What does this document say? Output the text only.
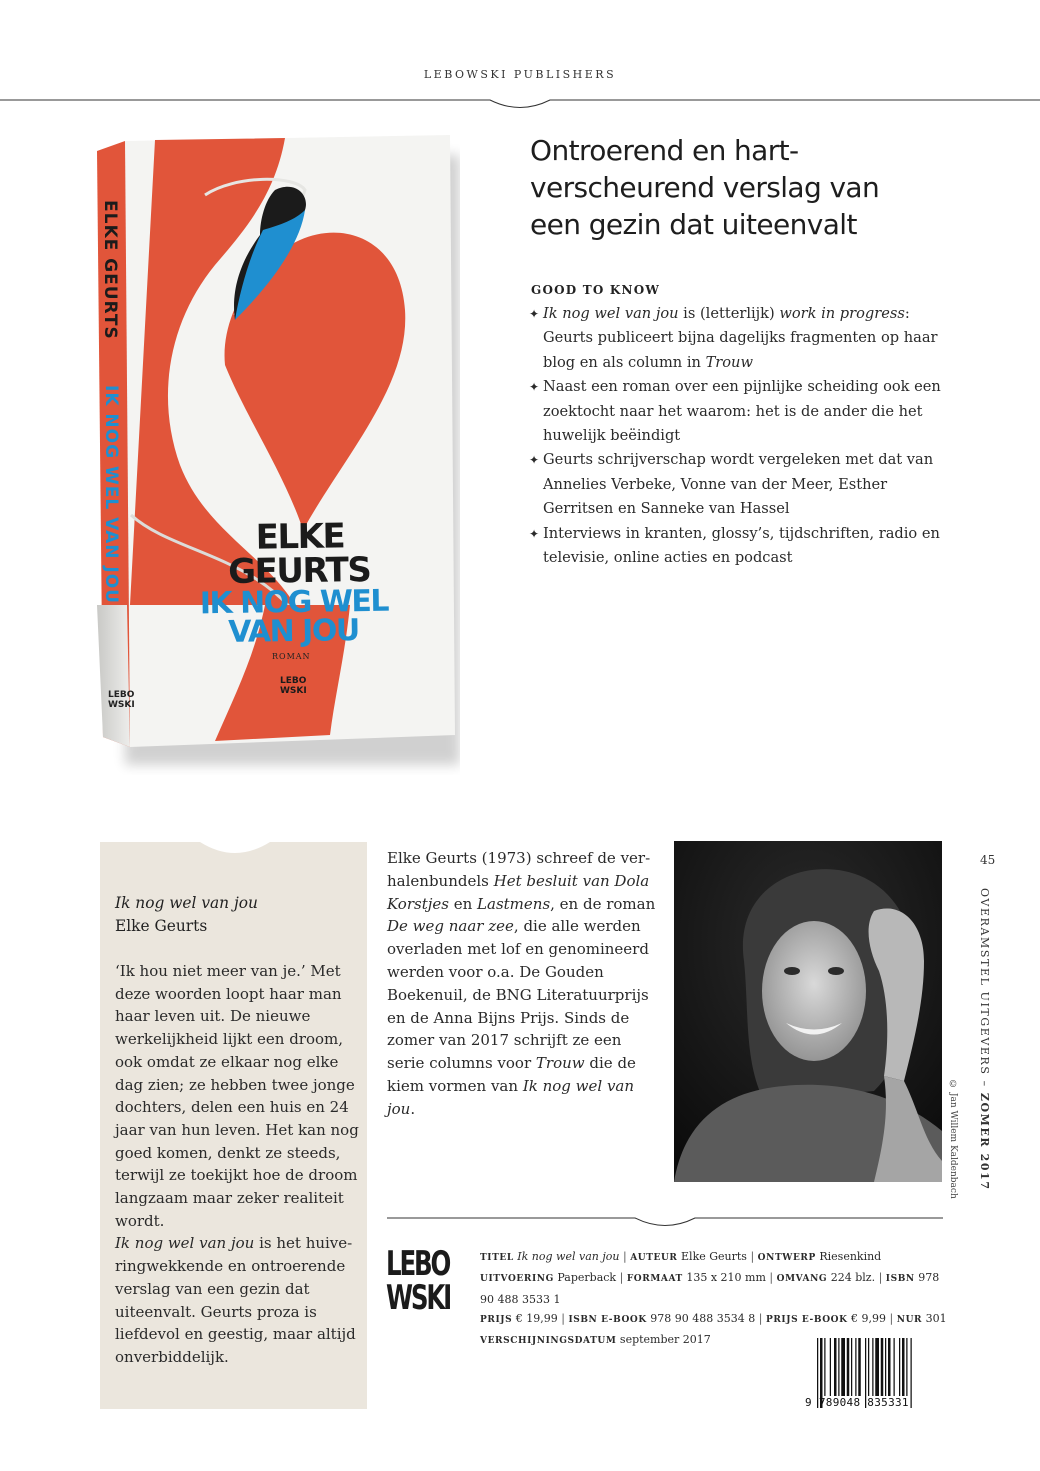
LEBOWSKI PUBLISHERS
ELKE GEURTS
IK NOG WEL VAN JOU
LEBO
WSKI
ELKE
GEURTS
IK NOG WEL
VAN JOU
ROMAN
LEBO
WSKI
Ontroerend en hart-
verscheurend verslag van
een gezin dat uiteenvalt
GOOD TO KNOW
✦ Ik nog wel van jou is (letterlijk) work in progress: Geurts publiceert bijna dagelijks fragmenten op haar blog en als column in Trouw
✦ Naast een roman over een pijnlijke scheiding ook een zoektocht naar het waarom: het is de ander die het huwelijk beëindigt
✦ Geurts schrijverschap wordt vergeleken met dat van Annelies Verbeke, Vonne van der Meer, Esther Gerritsen en Sanneke van Hassel
✦ Interviews in kranten, glossy’s, tijdschriften, radio en televisie, online acties en podcast
Ik nog wel van jou
Elke Geurts

‘Ik hou niet meer van je.’ Met deze woorden loopt haar man haar leven uit. De nieuwe werkelijkheid lijkt een droom, ook omdat ze elkaar nog elke dag zien; ze hebben twee jonge dochters, delen een huis en 24 jaar van hun leven. Het kan nog goed komen, denkt ze steeds, terwijl ze toekijkt hoe de droom langzaam maar zeker realiteit wordt.
Ik nog wel van jou is het huive- ringwekkende en ontroerende verslag van een gezin dat uiteenvalt. Geurts proza is liefdevol en geestig, maar altijd onverbiddelijk.

Elke Geurts (1973) schreef de ver- halenbundels Het besluit van Dola Korstjes en Lastmens, en de roman De weg naar zee, die alle werden overladen met lof en genomineerd werden voor o.a. De Gouden Boekenuil, de BNG Literatuurprijs en de Anna Bijns Prijs. Sinds de zomer van 2017 schrijft ze een serie columns voor Trouw die de kiem vormen van Ik nog wel van jou.	© Jan Willem Kaldenbach
45
OVERAMSTEL UITGEVERS – ZOMER 2017
LEBO
WSKI

TITEL Ik nog wel van jou | AUTEUR Elke Geurts | ONTWERP Riesenkind
UITVOERING Paperback | FORMAAT 135 x 210 mm | OMVANG 224 blz. | ISBN 978 90 488 3533 1
PRIJS € 19,99 | ISBN E-BOOK 978 90 488 3534 8 | PRIJS E-BOOK € 9,99 | NUR 301
VERSCHIJNINGSDATUM september 2017

9 789048 835331
